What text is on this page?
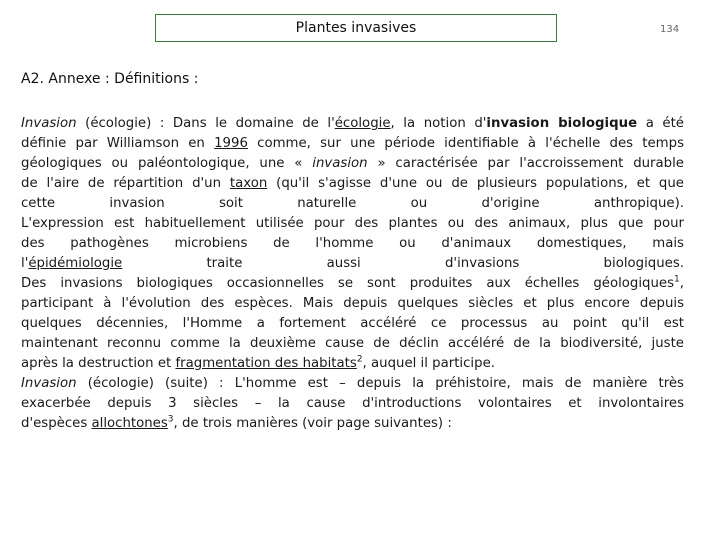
Plantes invasives	134
A2. Annexe : Définitions :
Invasion (écologie) : Dans le domaine de l'écologie, la notion d'invasion biologique a été
définie par Williamson en 1996 comme, sur une période identifiable à l'échelle des temps
géologiques ou paléontologique, une « invasion » caractérisée par l'accroissement durable
de l'aire de répartition d'un taxon (qu'il s'agisse d'une ou de plusieurs populations, et que
cette invasion soit naturelle ou d'origine anthropique).
L'expression est habituellement utilisée pour des plantes ou des animaux, plus que pour
des pathogènes microbiens de l'homme ou d'animaux domestiques, mais
l'épidémiologie traite aussi d'invasions biologiques.
Des invasions biologiques occasionnelles se sont produites aux échelles géologiques$^1$,
participant à l'évolution des espèces. Mais depuis quelques siècles et plus encore depuis
quelques décennies, l'Homme a fortement accéléré ce processus au point qu'il est
maintenant reconnu comme la deuxième cause de déclin accéléré de la biodiversité, juste
après la destruction et fragmentation des habitats$^2$, auquel il participe.
Invasion (écologie) (suite) : L'homme est – depuis la préhistoire, mais de manière très
exacerbée depuis 3 siècles – la cause d'introductions volontaires et involontaires
d'espèces allochtones$^3$, de trois manières (voir page suivantes) :
